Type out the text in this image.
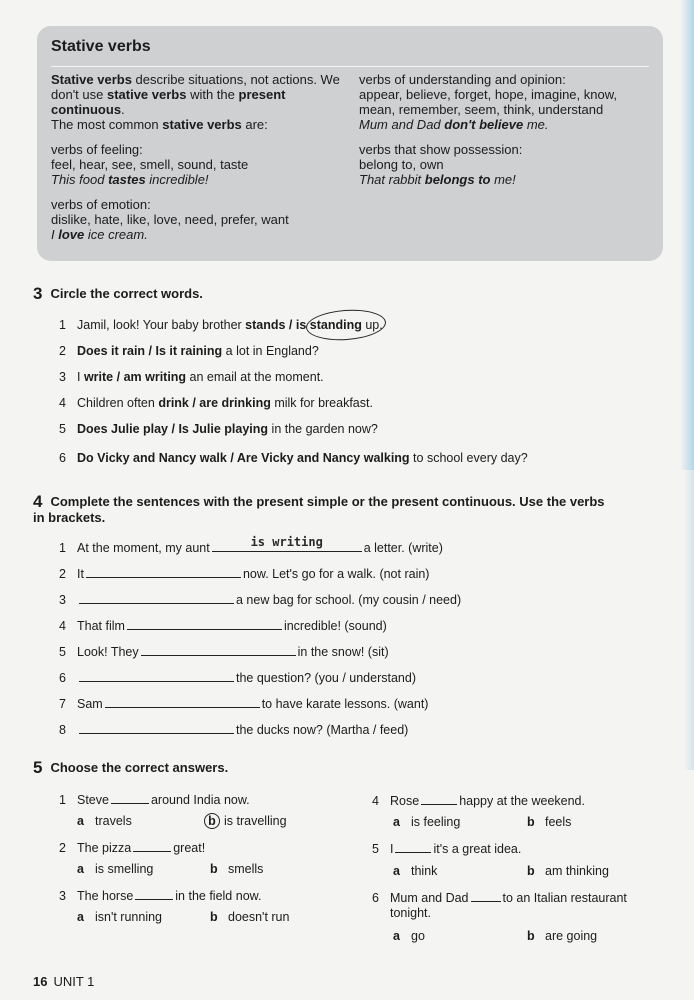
Stative verbs

Stative verbs describe situations, not actions. We don't use stative verbs with the present continuous.
The most common stative verbs are:

verbs of feeling:
feel, hear, see, smell, sound, taste
This food tastes incredible!

verbs of emotion:
dislike, hate, like, love, need, prefer, want
I love ice cream.

verbs of understanding and opinion:
appear, believe, forget, hope, imagine, know, mean, remember, seem, think, understand
Mum and Dad don't believe me.

verbs that show possession:
belong to, own
That rabbit belongs to me!

3 Circle the correct words.
1 Jamil, look! Your baby brother stands / is standing up.
2 Does it rain / Is it raining a lot in England?
3 I write / am writing an email at the moment.
4 Children often drink / are drinking milk for breakfast.
5 Does Julie play / Is Julie playing in the garden now?
6 Do Vicky and Nancy walk / Are Vicky and Nancy walking to school every day?
4 Complete the sentences with the present simple or the present continuous. Use the verbs
in brackets.
1 At the moment, my aunt	is writing	a letter. (write)
2 It	now. Let's go for a walk. (not rain)
3	a new bag for school. (my cousin / need)
4 That film	incredible! (sound)
5 Look! They	in the snow! (sit)
6	the question? (you / understand)
7 Sam	to have karate lessons. (want)
8	the ducks now? (Martha / feed)
5 Choose the correct answers.
1 Steve	around India now.
a travels	b is travelling
2 The pizza	great!
a is smelling	b smells
3 The horse	in the field now.
a isn't running	b doesn't run
4 Rose	happy at the weekend.
a is feeling	b feels
5 I	it's a great idea.
a think	b am thinking
6 Mum and Dad	to an Italian restaurant
tonight.
a go	b are going
16 UNIT 1
